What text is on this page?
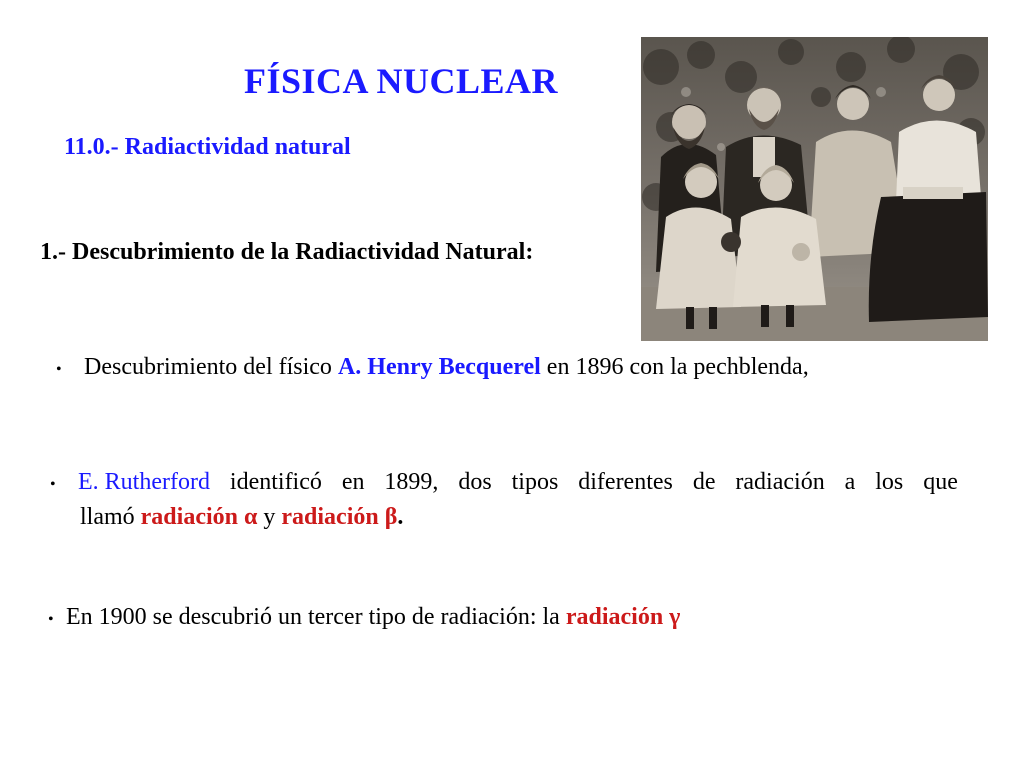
FÍSICA NUCLEAR
11.0.- Radiactividad natural
1.- Descubrimiento de la Radiactividad Natural:
• Descubrimiento del físico A. Henry Becquerel en 1896 con la pechblenda,
• E. Rutherford identificó en 1899, dos tipos diferentes de radiación a los que
llamó radiación α y radiación β.
• En 1900 se descubrió un tercer tipo de radiación: la radiación γ
